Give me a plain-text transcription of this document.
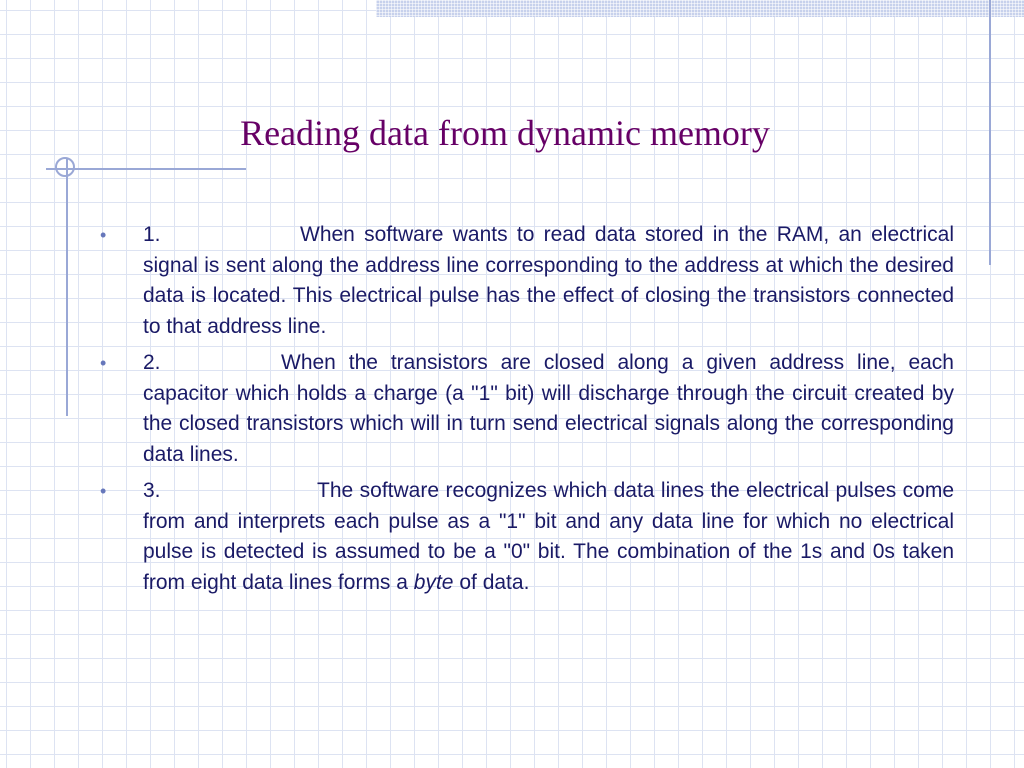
Reading data from dynamic memory
• 1.	When software wants to read data stored in the RAM, an electrical signal is sent along the address line corresponding to the address at which the desired data is located. This electrical pulse has the effect of closing the transistors connected to that address line.
• 2.	When the transistors are closed along a given address line, each capacitor which holds a charge (a "1" bit) will discharge through the circuit created by the closed transistors which will in turn send electrical signals along the corresponding data lines.
• 3.	The software recognizes which data lines the electrical pulses come from and interprets each pulse as a "1" bit and any data line for which no electrical pulse is detected is assumed to be a "0" bit. The combination of the 1s and 0s taken from eight data lines forms a byte of data.
